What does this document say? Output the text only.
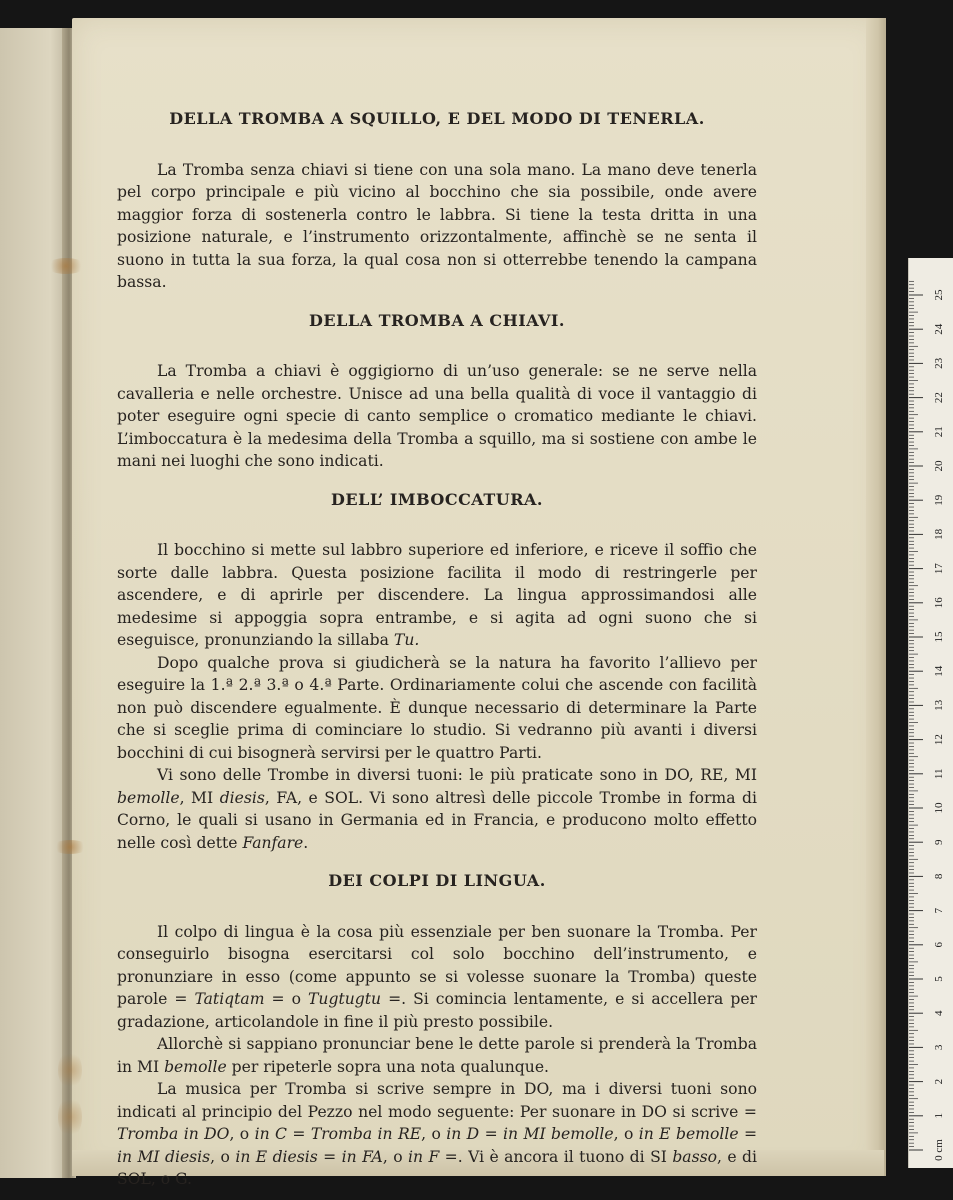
DELLA TROMBA A SQUILLO, E DEL MODO DI TENERLA.

La Tromba senza chiavi si tiene con una sola mano. La mano deve tenerla pel corpo principale e più vicino al bocchino che sia possibile, onde avere maggior forza di sostenerla contro le labbra. Si tiene la testa dritta in una posizione naturale, e l’instrumento orizzontalmente, affinchè se ne senta il suono in tutta la sua forza, la qual cosa non si otterrebbe tenendo la campana bassa.

DELLA TROMBA A CHIAVI.

La Tromba a chiavi è oggigiorno di un’uso generale: se ne serve nella cavalleria e nelle orchestre. Unisce ad una bella qualità di voce il vantaggio di poter eseguire ogni specie di canto semplice o cromatico mediante le chiavi. L’imboccatura è la medesima della Tromba a squillo, ma si sostiene con ambe le mani nei luoghi che sono indicati.

DELL’ IMBOCCATURA.

Il bocchino si mette sul labbro superiore ed inferiore, e riceve il soffio che sorte dalle labbra. Questa posizione facilita il modo di restringerle per ascendere, e di aprirle per discendere. La lingua approssimandosi alle medesime si appoggia sopra entrambe, e si agita ad ogni suono che si eseguisce, pronunziando la sillaba Tu.

Dopo qualche prova si giudicherà se la natura ha favorito l’allievo per eseguire la 1.ª 2.ª 3.ª o 4.ª Parte. Ordinariamente colui che ascende con facilità non può discendere egualmente. È dunque necessario di determinare la Parte che si sceglie prima di cominciare lo studio. Si vedranno più avanti i diversi bocchini di cui bisognerà servirsi per le quattro Parti.

Vi sono delle Trombe in diversi tuoni: le più praticate sono in DO, RE, MI bemolle, MI diesis, FA, e SOL. Vi sono altresì delle piccole Trombe in forma di Corno, le quali si usano in Germania ed in Francia, e producono molto effetto nelle così dette Fanfare.

DEI COLPI DI LINGUA.

Il colpo di lingua è la cosa più essenziale per ben suonare la Tromba. Per conseguirlo bisogna esercitarsi col solo bocchino dell’instrumento, e pronunziare in esso (come appunto se si volesse suonare la Tromba) queste parole = Tatiqtam = o Tugtugtu =. Si comincia lentamente, e si accellera per gradazione, articolandole in fine il più presto possibile.

Allorchè si sappiano pronunciar bene le dette parole si prenderà la Tromba in MI bemolle per ripeterle sopra una nota qualunque.

La musica per Tromba si scrive sempre in DO, ma i diversi tuoni sono indicati al principio del Pezzo nel modo seguente: Per suonare in DO si scrive = Tromba in DO, o in C = Tromba in RE, o in D = in MI bemolle, o in E bemolle = in MI diesis, o in E diesis = in FA, o in F =. Vi è ancora il tuono di SI basso, e di SOL, o G.

0 cm
1
2
3
4
5
6
7
8
9
10
11
12
13
14
15
16
17
18
19
20
21
22
23
24
25
